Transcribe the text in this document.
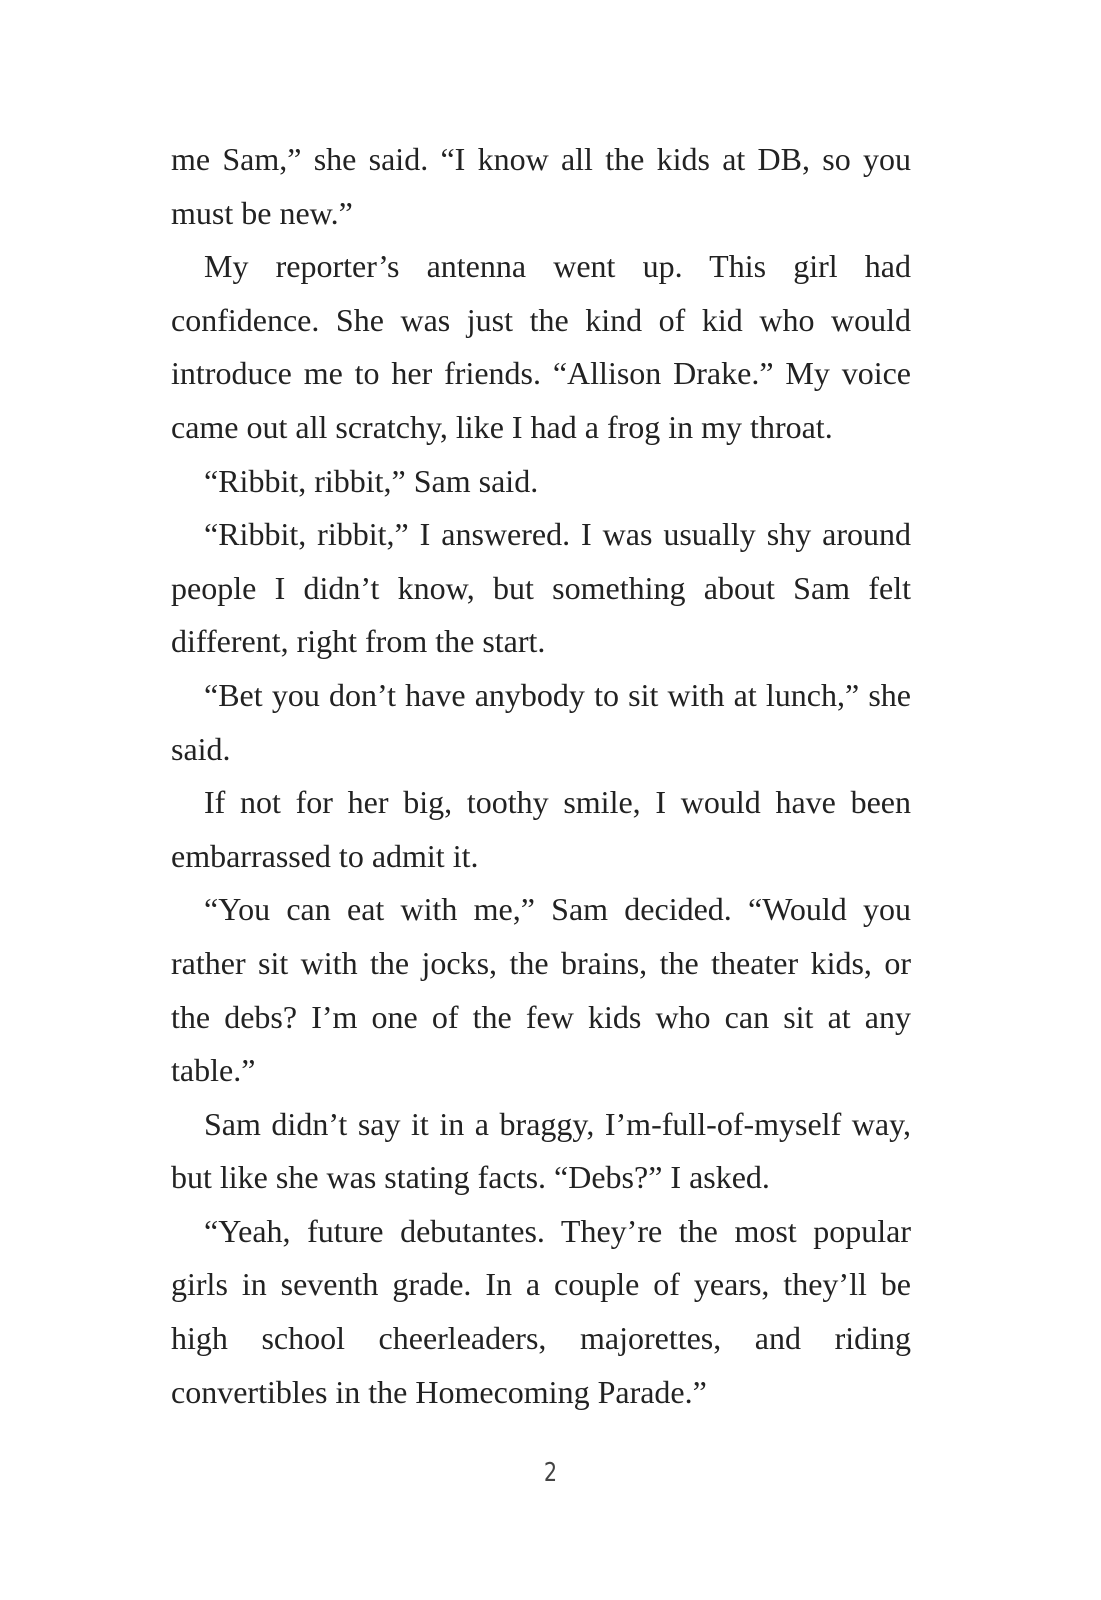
me Sam,” she said. “I know all the kids at DB, so you must be new.”

My reporter’s antenna went up. This girl had confidence. She was just the kind of kid who would introduce me to her friends. “Allison Drake.” My voice came out all scratchy, like I had a frog in my throat.

“Ribbit, ribbit,” Sam said.

“Ribbit, ribbit,” I answered. I was usually shy around people I didn’t know, but something about Sam felt different, right from the start.

“Bet you don’t have anybody to sit with at lunch,” she said.

If not for her big, toothy smile, I would have been embarrassed to admit it.

“You can eat with me,” Sam decided. “Would you rather sit with the jocks, the brains, the theater kids, or the debs? I’m one of the few kids who can sit at any table.”

Sam didn’t say it in a braggy, I’m-full-of-myself way, but like she was stating facts. “Debs?” I asked.

“Yeah, future debutantes. They’re the most popular girls in seventh grade. In a couple of years, they’ll be high school cheerleaders, majorettes, and riding convertibles in the Homecoming Parade.”

2
